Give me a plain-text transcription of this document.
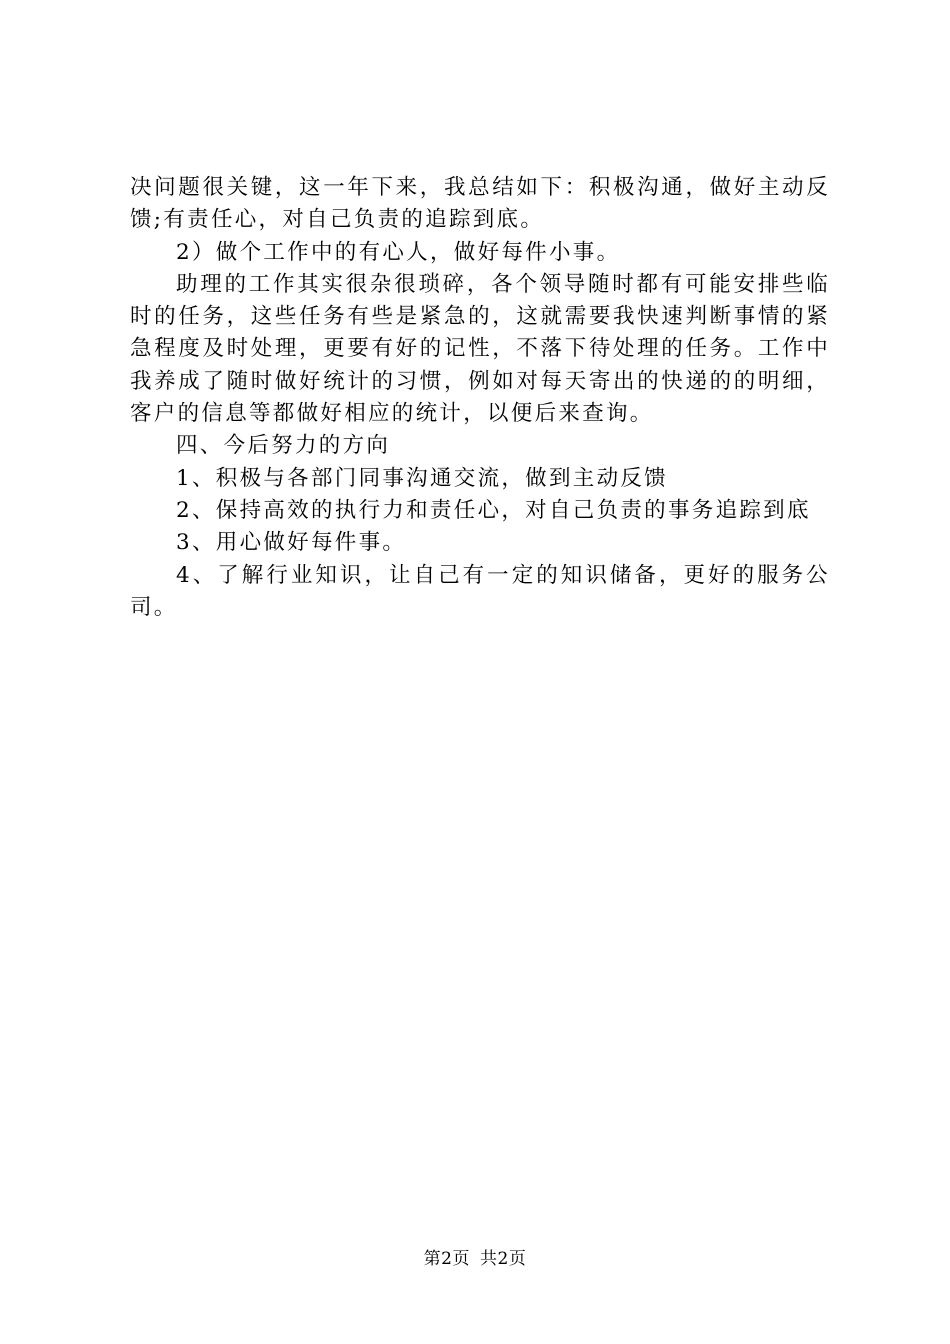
决问题很关键，这一年下来，我总结如下：积极沟通，做好主动反馈;有责任心，对自己负责的追踪到底。

2）做个工作中的有心人，做好每件小事。

助理的工作其实很杂很琐碎，各个领导随时都有可能安排些临时的任务，这些任务有些是紧急的，这就需要我快速判断事情的紧急程度及时处理，更要有好的记性，不落下待处理的任务。工作中我养成了随时做好统计的习惯，例如对每天寄出的快递的的明细，客户的信息等都做好相应的统计，以便后来查询。

四、今后努力的方向

1、积极与各部门同事沟通交流，做到主动反馈

2、保持高效的执行力和责任心，对自己负责的事务追踪到底

3、用心做好每件事。

4、了解行业知识，让自己有一定的知识储备，更好的服务公司。

第2页 共2页
